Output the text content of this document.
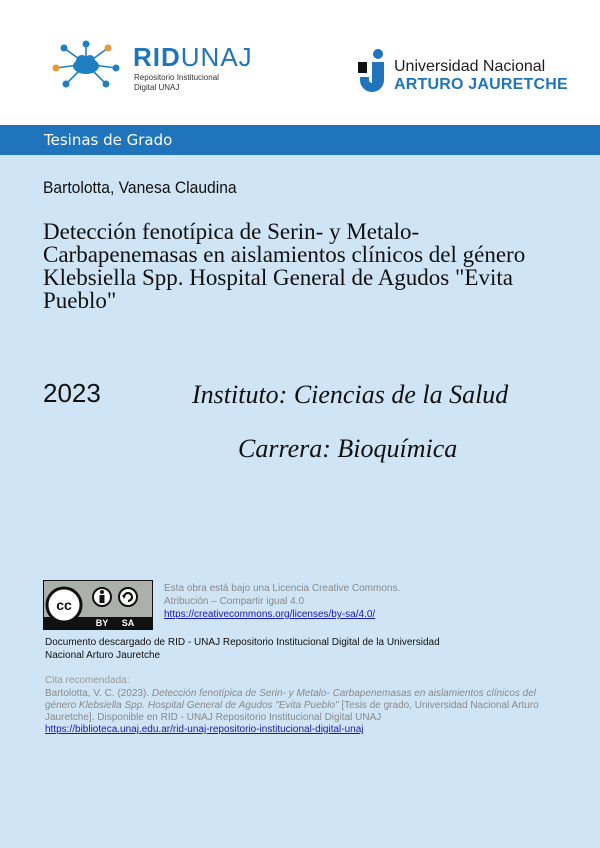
RIDUNAJ
Repositorio Institucional
Digital UNAJ
Universidad Nacional
ARTURO JAURETCHE
Tesinas de Grado
Bartolotta, Vanesa Claudina
Detección fenotípica de Serin- y Metalo-Carbapenemasas en aislamientos clínicos del género Klebsiella Spp. Hospital General de Agudos "Evita Pueblo"
2023	Instituto: Ciencias de la Salud
Carrera: Bioquímica
cc
BY SA
Esta obra está bajo una Licencia Creative Commons.
Atribución – Compartir igual 4.0
https://creativecommons.org/licenses/by-sa/4.0/
Documento descargado de RID - UNAJ Repositorio Institucional Digital de la Universidad Nacional Arturo Jauretche
Cita recomendada:
Bartolotta, V. C. (2023). Detección fenotípica de Serin- y Metalo- Carbapenemasas en aislamientos clínicos del género Klebsiella Spp. Hospital General de Agudos "Evita Pueblo" [Tesis de grado, Universidad Nacional Arturo Jauretche]. Disponible en RID - UNAJ Repositorio Institucional Digital UNAJ
https://biblioteca.unaj.edu.ar/rid-unaj-repositorio-institucional-digital-unaj
